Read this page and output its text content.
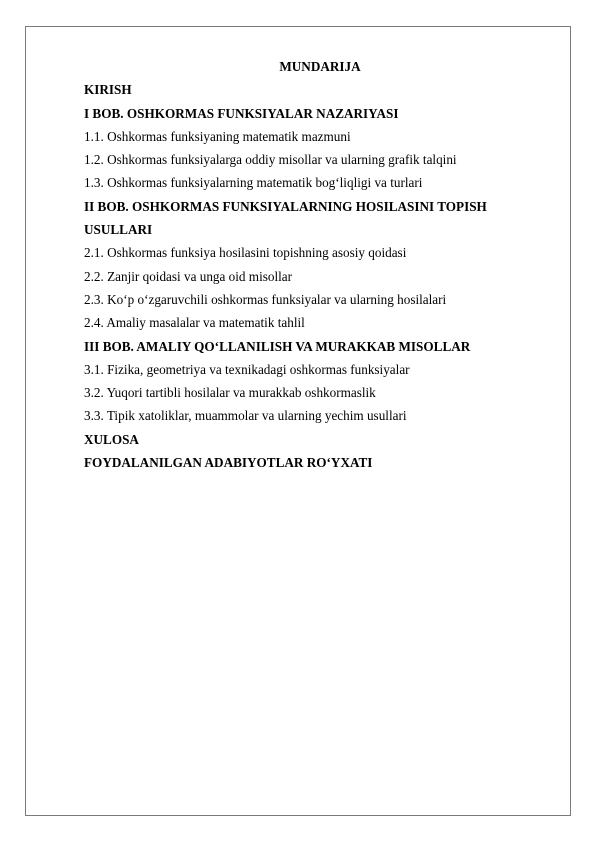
MUNDARIJA
KIRISH
I BOB. OSHKORMAS FUNKSIYALAR NAZARIYASI
1.1. Oshkormas funksiyaning matematik mazmuni
1.2. Oshkormas funksiyalarga oddiy misollar va ularning grafik talqini
1.3. Oshkormas funksiyalarning matematik bog‘liqligi va turlari
II BOB. OSHKORMAS FUNKSIYALARNING HOSILASINI TOPISH
USULLARI
2.1. Oshkormas funksiya hosilasini topishning asosiy qoidasi
2.2. Zanjir qoidasi va unga oid misollar
2.3. Ko‘p o‘zgaruvchili oshkormas funksiyalar va ularning hosilalari
2.4. Amaliy masalalar va matematik tahlil
III BOB. AMALIY QO‘LLANILISH VA MURAKKAB MISOLLAR
3.1. Fizika, geometriya va texnikadagi oshkormas funksiyalar
3.2. Yuqori tartibli hosilalar va murakkab oshkormaslik
3.3. Tipik xatoliklar, muammolar va ularning yechim usullari
XULOSA
FOYDALANILGAN ADABIYOTLAR RO‘YXATI
